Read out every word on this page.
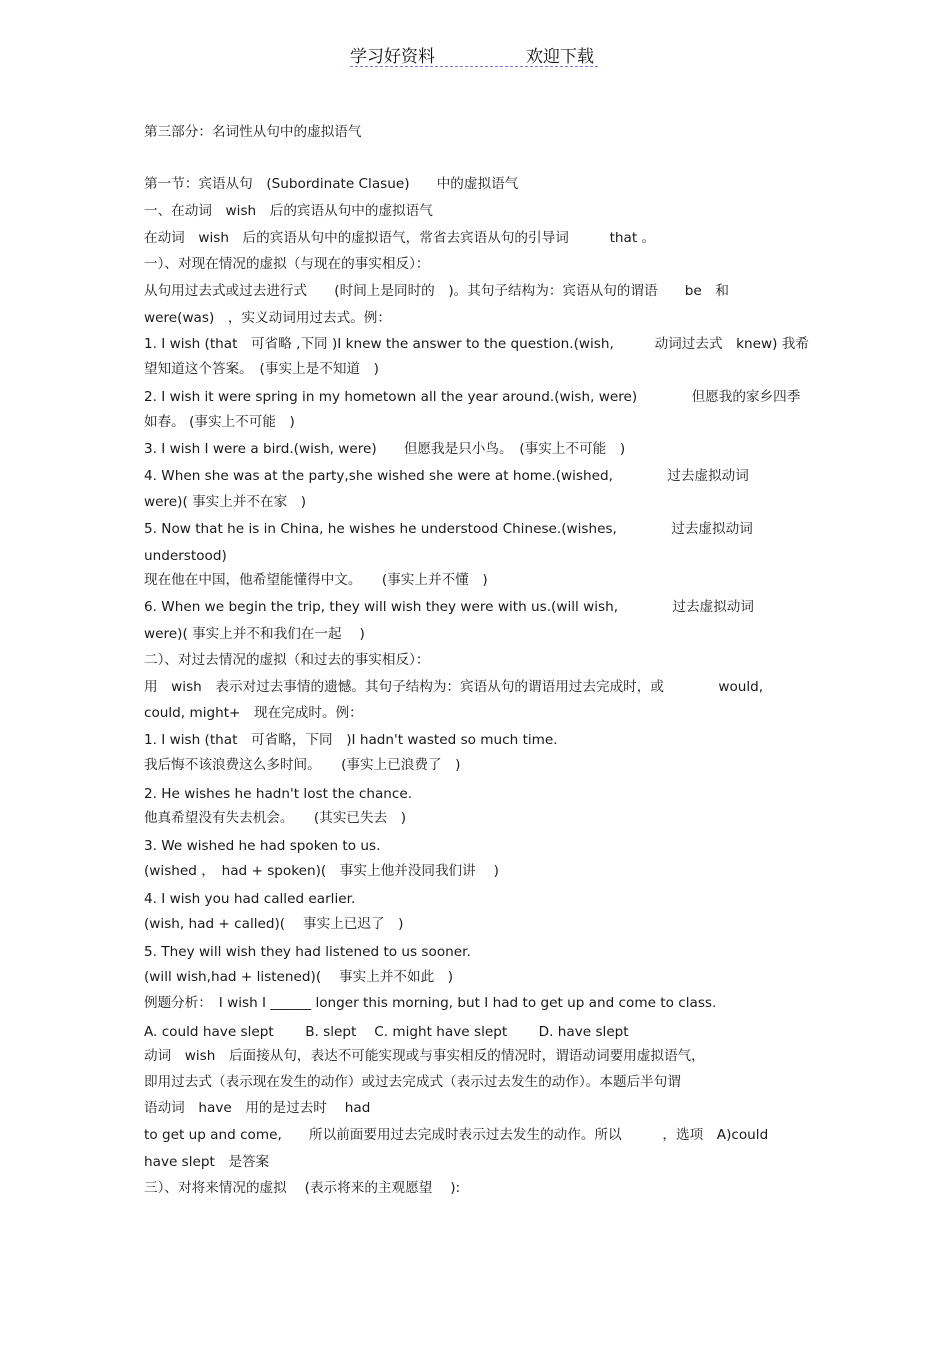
学习好资料	欢迎下载
第三部分：名词性从句中的虚拟语气
第一节：宾语从句　(Subordinate Clasue)　　中的虚拟语气
一、在动词　wish　后的宾语从句中的虚拟语气
在动词　wish　后的宾语从句中的虚拟语气，常省去宾语从句的引导词　　　that 。
一）、对现在情况的虚拟（与现在的事实相反）：
从句用过去式或过去进行式　　(时间上是同时的　)。其句子结构为：宾语从句的谓语　　be　和
were(was)　，实义动词用过去式。例：
1. I wish (that　可省略 ,下同 )I knew the answer to the question.(wish,　　　动词过去式　knew) 我希
望知道这个答案。　(事实上是不知道　)
2. I wish it were spring in my hometown all the year around.(wish, were)　　　　但愿我的家乡四季
如春。 (事实上不可能　)
3. I wish I were a bird.(wish, were)　　但愿我是只小鸟。　(事实上不可能　)
4. When she was at the party,she wished she were at home.(wished,　　　　过去虚拟动词
were)( 事实上并不在家　)
5. Now that he is in China, he wishes he understood Chinese.(wishes,　　　　过去虚拟动词
understood)
现在他在中国，他希望能懂得中文。　　(事实上并不懂　)
6. When we begin the trip, they will wish they were with us.(will wish,　　　　过去虚拟动词
were)( 事实上并不和我们在一起　 )
二）、对过去情况的虚拟（和过去的事实相反）：
用　wish　表示对过去事情的遗憾。其句子结构为：宾语从句的谓语用过去完成时，或　　　　would,
could, might+　现在完成时。例：
1. I wish (that　可省略，下同　)I hadn't wasted so much time.
我后悔不该浪费这么多时间。　　(事实上已浪费了　)
2. He wishes he hadn't lost the chance.
他真希望没有失去机会。　　(其实已失去　)
3. We wished he had spoken to us.
(wished ，　had + spoken)(　事实上他并没同我们讲　 )
4. I wish you had called earlier.
(wish, had + called)(　 事实上已迟了　)
5. They will wish they had listened to us sooner.
(will wish,had + listened)(　 事实上并不如此　)
例题分析：　I wish I ______ longer this morning, but I had to get up and come to class.
A. could have slept　　 B. slept　 C. might have slept　　 D. have slept
动词　wish　后面接从句，表达不可能实现或与事实相反的情况时，谓语动词要用虚拟语气，
即用过去式（表示现在发生的动作）或过去完成式（表示过去发生的动作）。本题后半句谓
语动词　have　用的是过去时　 had
to get up and come,　　所以前面要用过去完成时表示过去发生的动作。所以　　　，选项　A)could
have slept　是答案
三）、对将来情况的虚拟　 (表示将来的主观愿望　 ):
